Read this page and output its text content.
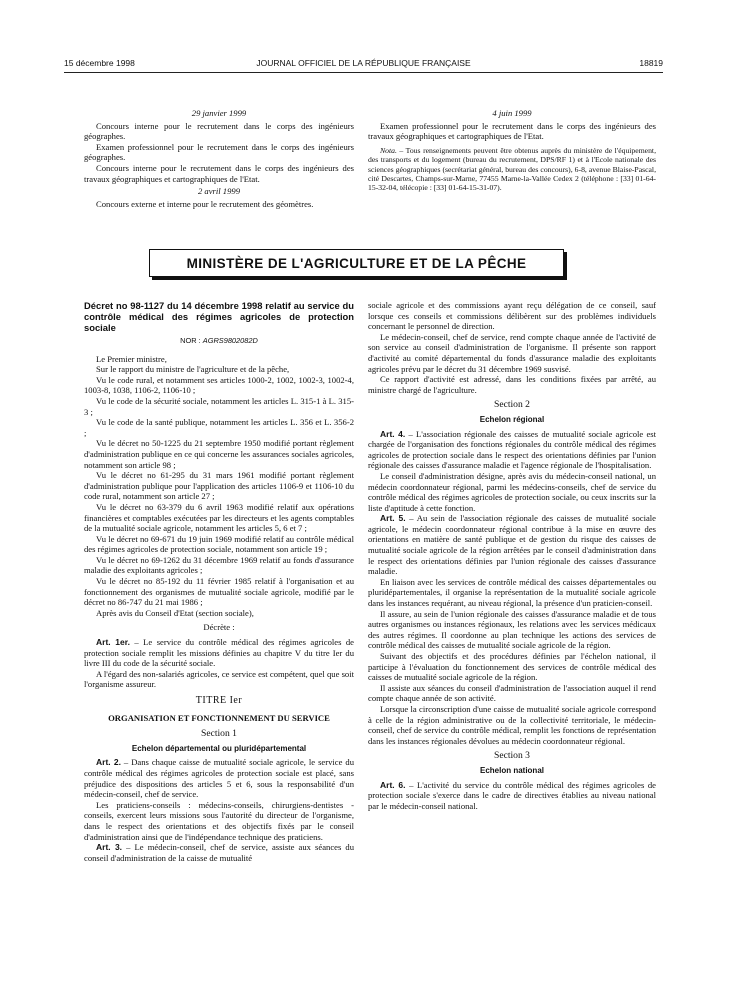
15 décembre 1998	JOURNAL OFFICIEL DE LA RÉPUBLIQUE FRANÇAISE	18819

29 janvier 1999

Concours interne pour le recrutement dans le corps des ingénieurs géographes.

Examen professionnel pour le recrutement dans le corps des ingénieurs géographes.

Concours interne pour le recrutement dans le corps des ingénieurs des travaux géographiques et cartographiques de l'Etat.

2 avril 1999

Concours externe et interne pour le recrutement des géomètres.

4 juin 1999

Examen professionnel pour le recrutement dans le corps des ingénieurs des travaux géographiques et cartographiques de l'Etat.

Nota. – Tous renseignements peuvent être obtenus auprès du ministère de l'équipement, des transports et du logement (bureau du recrutement, DPS/RF 1) et à l'Ecole nationale des sciences géographiques (secrétariat général, bureau des concours), 6-8, avenue Blaise-Pascal, cité Descartes, Champs-sur-Marne, 77455 Marne-la-Vallée Cedex 2 (téléphone : [33] 01-64-15-32-04, télécopie : [33] 01-64-15-31-07).

MINISTÈRE DE L'AGRICULTURE ET DE LA PÊCHE

Décret no 98-1127 du 14 décembre 1998 relatif au service du contrôle médical des régimes agricoles de protection sociale

NOR : AGRS9802082D

Le Premier ministre,

Sur le rapport du ministre de l'agriculture et de la pêche,

Vu le code rural, et notamment ses articles 1000-2, 1002, 1002-3, 1002-4, 1003-8, 1038, 1106-2, 1106-10 ;

Vu le code de la sécurité sociale, notamment les articles L. 315-1 à L. 315-3 ;

Vu le code de la santé publique, notamment les articles L. 356 et L. 356-2 ;

Vu le décret no 50-1225 du 21 septembre 1950 modifié portant règlement d'administration publique en ce qui concerne les assurances sociales agricoles, notamment son article 98 ;

Vu le décret no 61-295 du 31 mars 1961 modifié portant règlement d'administration publique pour l'application des articles 1106-9 et 1106-10 du code rural, notamment son article 27 ;

Vu le décret no 63-379 du 6 avril 1963 modifié relatif aux opérations financières et comptables exécutées par les directeurs et les agents comptables de la mutualité sociale agricole, notamment les articles 5, 6 et 7 ;

Vu le décret no 69-671 du 19 juin 1969 modifié relatif au contrôle médical des régimes agricoles de protection sociale, notamment son article 19 ;

Vu le décret no 69-1262 du 31 décembre 1969 relatif au fonds d'assurance maladie des exploitants agricoles ;

Vu le décret no 85-192 du 11 février 1985 relatif à l'organisation et au fonctionnement des organismes de mutualité sociale agricole, modifié par le décret no 86-747 du 21 mai 1986 ;

Après avis du Conseil d'Etat (section sociale),

Décrète :

Art. 1er. – Le service du contrôle médical des régimes agricoles de protection sociale remplit les missions définies au chapitre V du titre Ier du livre III du code de la sécurité sociale.

A l'égard des non-salariés agricoles, ce service est compétent, quel que soit l'organisme assureur.

TITRE Ier

ORGANISATION ET FONCTIONNEMENT DU SERVICE

Section 1

Echelon départemental ou pluridépartemental

Art. 2. – Dans chaque caisse de mutualité sociale agricole, le service du contrôle médical des régimes agricoles de protection sociale est placé, sans préjudice des dispositions des articles 5 et 6, sous la responsabilité d'un médecin-conseil, chef de service.

Les praticiens-conseils : médecins-conseils, chirurgiens-dentistes - conseils, exercent leurs missions sous l'autorité du directeur de l'organisme, dans le respect des orientations et des objectifs fixés par le conseil d'administration ainsi que de l'indépendance technique des praticiens.

Art. 3. – Le médecin-conseil, chef de service, assiste aux séances du conseil d'administration de la caisse de mutualité

sociale agricole et des commissions ayant reçu délégation de ce conseil, sauf lorsque ces conseils et commissions délibèrent sur des problèmes individuels concernant le personnel de direction.

Le médecin-conseil, chef de service, rend compte chaque année de l'activité de son service au conseil d'administration de l'organisme. Il présente son rapport d'activité au comité départemental du fonds d'assurance maladie des exploitants agricoles prévu par le décret du 31 décembre 1969 susvisé.

Ce rapport d'activité est adressé, dans les conditions fixées par arrêté, au ministre chargé de l'agriculture.

Section 2

Echelon régional

Art. 4. – L'association régionale des caisses de mutualité sociale agricole est chargée de l'organisation des fonctions régionales du contrôle médical des régimes agricoles de protection sociale dans le respect des orientations définies par l'union régionale des caisses d'assurance maladie et l'agence régionale de l'hospitalisation.

Le conseil d'administration désigne, après avis du médecin-conseil national, un médecin coordonnateur régional, parmi les médecins-conseils, chef de service du contrôle médical des régimes agricoles de protection sociale, ou ceux inscrits sur la liste d'aptitude à cette fonction.

Art. 5. – Au sein de l'association régionale des caisses de mutualité sociale agricole, le médecin coordonnateur régional contribue à la mise en œuvre des orientations en matière de santé publique et de gestion du risque des caisses de mutualité sociale agricole de la région arrêtées par le conseil d'administration dans le respect des orientations définies par l'union régionale des caisses d'assurance maladie.

En liaison avec les services de contrôle médical des caisses départementales ou pluridépartementales, il organise la représentation de la mutualité sociale agricole dans les instances requérant, au niveau régional, la présence d'un praticien-conseil.

Il assure, au sein de l'union régionale des caisses d'assurance maladie et de tous autres organismes ou instances régionaux, les relations avec les services médicaux des autres régimes. Il coordonne au plan technique les actions des services de contrôle médical des caisses de mutualité sociale agricole de la région.

Suivant des objectifs et des procédures définies par l'échelon national, il participe à l'évaluation du fonctionnement des services de contrôle médical des caisses de mutualité sociale agricole de la région.

Il assiste aux séances du conseil d'administration de l'association auquel il rend compte chaque année de son activité.

Lorsque la circonscription d'une caisse de mutualité sociale agricole correspond à celle de la région administrative ou de la collectivité territoriale, le médecin-conseil, chef de service du contrôle médical, remplit les fonctions de représentation dans les instances régionales dévolues au médecin coordonnateur régional.

Section 3

Echelon national

Art. 6. – L'activité du service du contrôle médical des régimes agricoles de protection sociale s'exerce dans le cadre de directives établies au niveau national par le médecin-conseil national.
